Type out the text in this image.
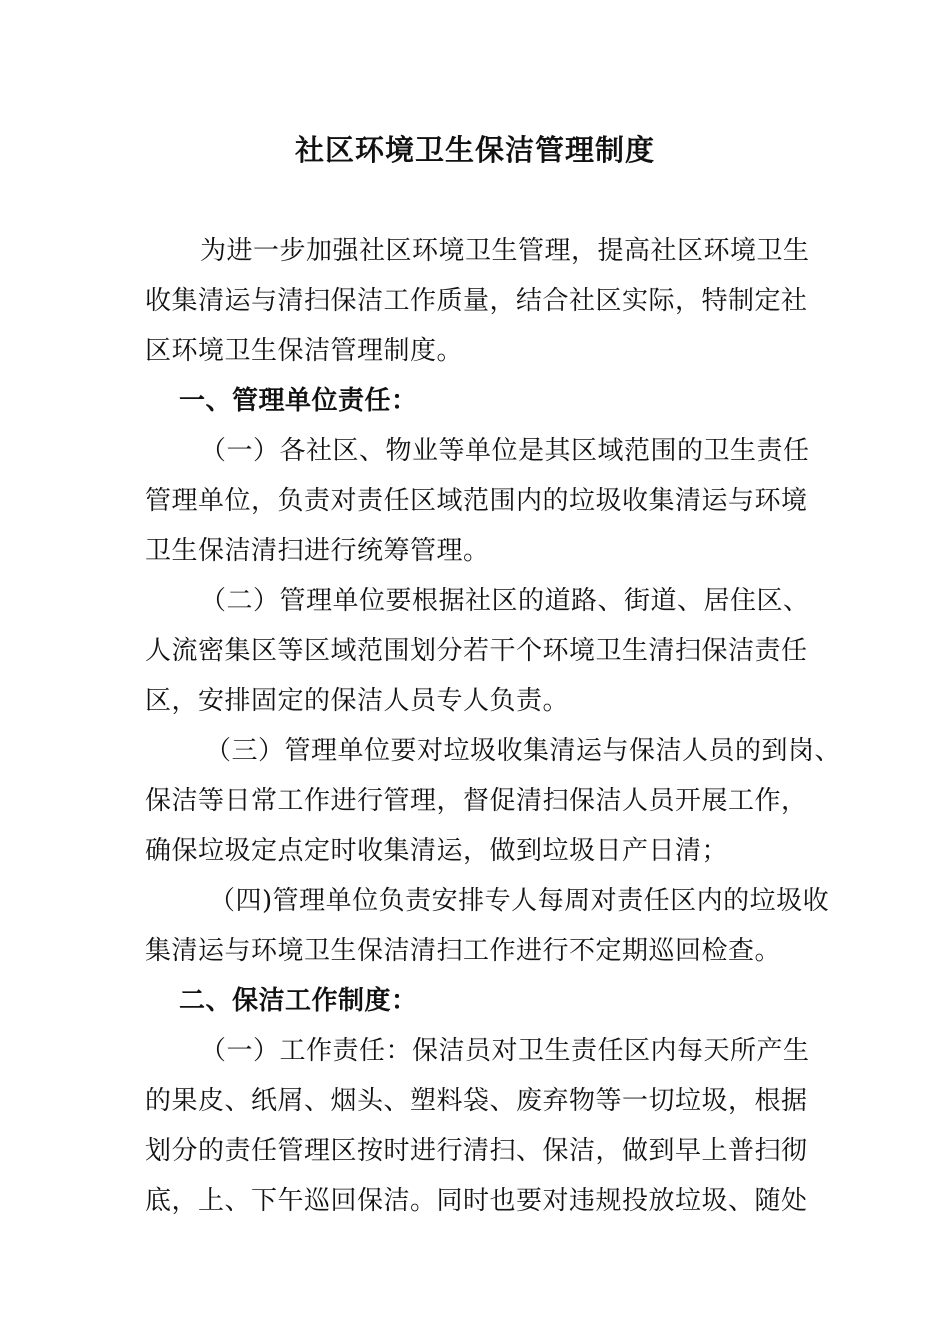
社区环境卫生保洁管理制度
为进一步加强社区环境卫生管理，提高社区环境卫生
收集清运与清扫保洁工作质量，结合社区实际，特制定社
区环境卫生保洁管理制度。
一、管理单位责任：
（一）各社区、物业等单位是其区域范围的卫生责任
管理单位，负责对责任区域范围内的垃圾收集清运与环境
卫生保洁清扫进行统筹管理。
（二）管理单位要根据社区的道路、街道、居住区、
人流密集区等区域范围划分若干个环境卫生清扫保洁责任
区，安排固定的保洁人员专人负责。
（三）管理单位要对垃圾收集清运与保洁人员的到岗、
保洁等日常工作进行管理，督促清扫保洁人员开展工作，
确保垃圾定点定时收集清运，做到垃圾日产日清；
（四)管理单位负责安排专人每周对责任区内的垃圾收
集清运与环境卫生保洁清扫工作进行不定期巡回检查。
二、保洁工作制度：
（一）工作责任：保洁员对卫生责任区内每天所产生
的果皮、纸屑、烟头、塑料袋、废弃物等一切垃圾，根据
划分的责任管理区按时进行清扫、保洁，做到早上普扫彻
底，上、下午巡回保洁。同时也要对违规投放垃圾、随处
